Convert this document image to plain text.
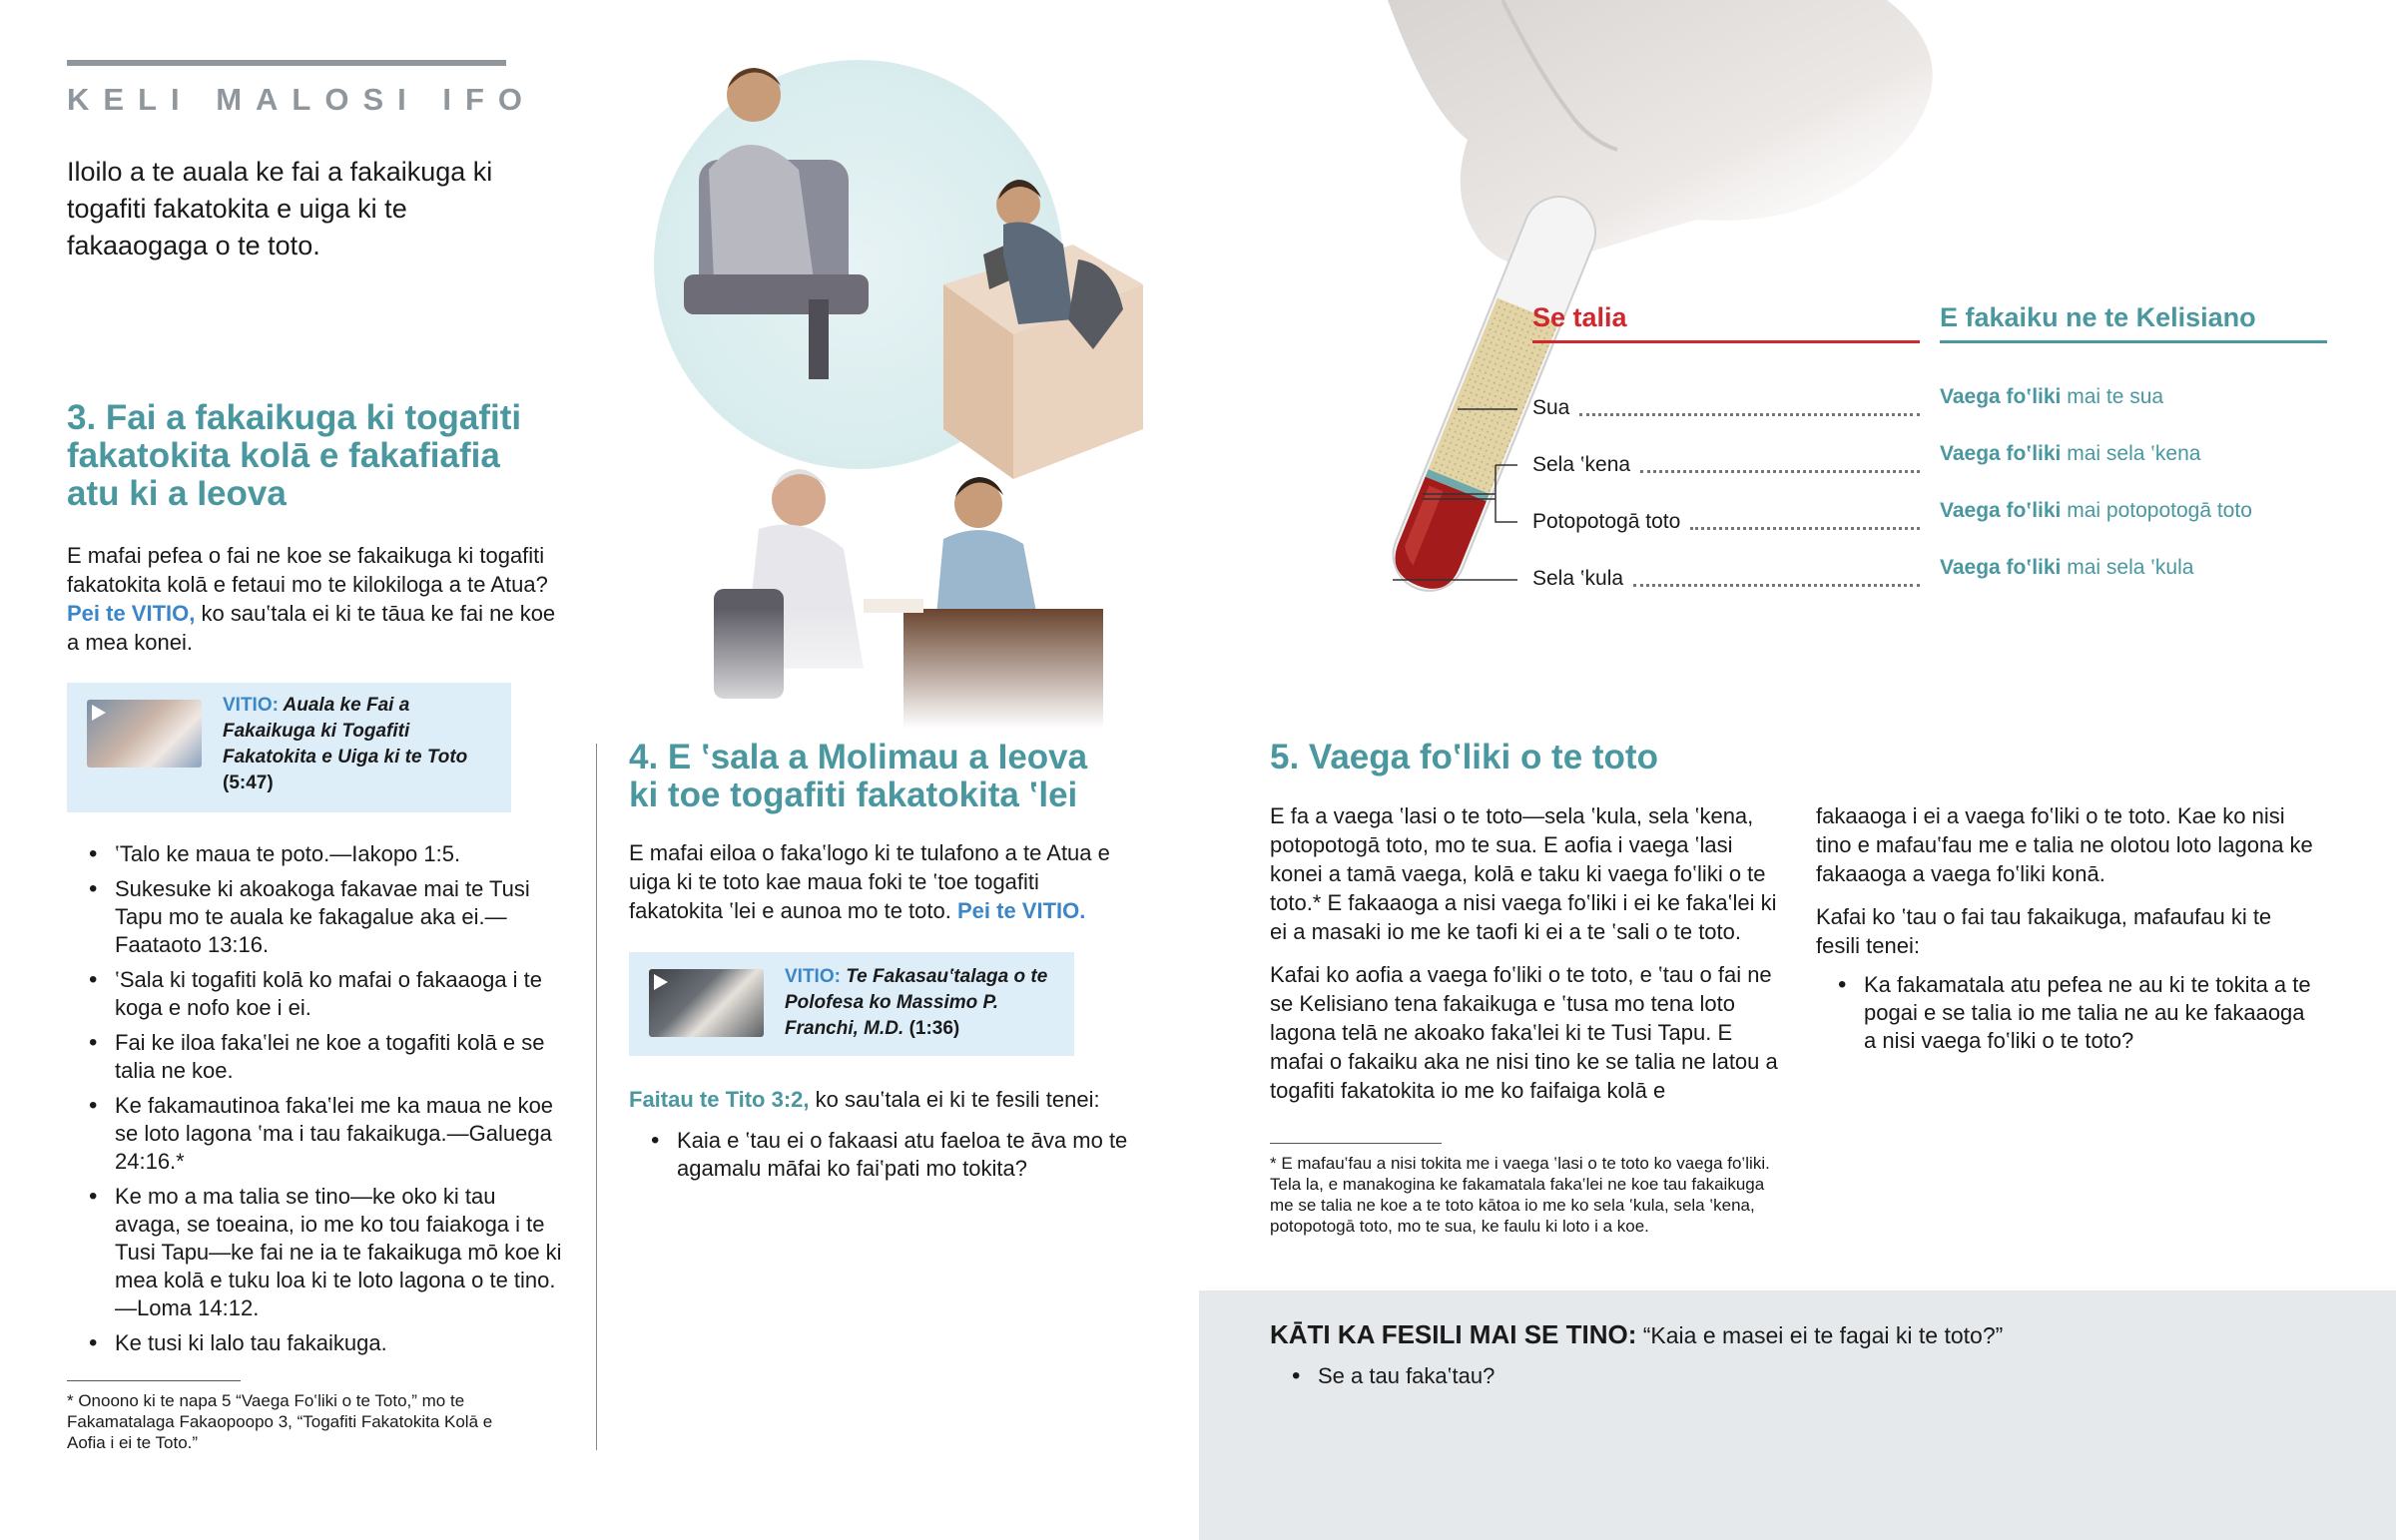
KELI MALOSI IFO
Iloilo a te auala ke fai a fakaikuga ki togafiti fakatokita e uiga ki te fakaaogaga o te toto.
3. Fai a fakaikuga ki togafiti fakatokita kolā e fakafiafia atu ki a Ieova

E mafai pefea o fai ne koe se fakaikuga ki togafiti fakatokita kolā e fetaui mo te kilokiloga a te Atua? Pei te VITIO, ko sau‛tala ei ki te tāua ke fai ne koe a mea konei.

VITIO: Auala ke Fai a Fakaikuga ki Togafiti Fakatokita e Uiga ki te Toto (5:47)
• ‛Talo ke maua te poto.—Iakopo 1:5.
• Sukesuke ki akoakoga fakavae mai te Tusi Tapu mo te auala ke fakagalue aka ei.—Faataoto 13:16.
• ‛Sala ki togafiti kolā ko mafai o fakaaoga i te koga e nofo koe i ei.
• Fai ke iloa faka‛lei ne koe a togafiti kolā e se talia ne koe.
• Ke fakamautinoa faka‛lei me ka maua ne koe se loto lagona ‛ma i tau fakaikuga.—Galuega 24:16.*
• Ke mo a ma talia se tino—ke oko ki tau avaga, se toeaina, io me ko tou faiakoga i te Tusi Tapu—ke fai ne ia te fakaikuga mō koe ki mea kolā e tuku loa ki te loto lagona o te tino.—Loma 14:12.
• Ke tusi ki lalo tau fakaikuga.
* Onoono ki te napa 5 “Vaega Fo‛liki o te Toto,” mo te Fakamatalaga Fakaopoopo 3, “Togafiti Fakatokita Kolā e Aofia i ei te Toto.”
4. E ‛sala a Molimau a Ieova ki toe togafiti fakatokita ‛lei

E mafai eiloa o faka‛logo ki te tulafono a te Atua e uiga ki te toto kae maua foki te ‛toe togafiti fakatokita ‛lei e aunoa mo te toto. Pei te VITIO.

VITIO: Te Fakasau‛talaga o te Polofesa ko Massimo P. Franchi, M.D. (1:36)

Faitau te Tito 3:2, ko sau‛tala ei ki te fesili tenei:

• Kaia e ‛tau ei o fakaasi atu faeloa te āva mo te agamalu māfai ko fai‛pati mo tokita?
Se talia	E fakaiku ne te Kelisiano
Sua	Vaega fo‛liki mai te sua
Sela ‛kena	Vaega fo‛liki mai sela ‛kena
Potopotogā toto	Vaega fo‛liki mai potopotogā toto
Sela ‛kula	Vaega fo‛liki mai sela ‛kula
5. Vaega fo‛liki o te toto

E fa a vaega ‛lasi o te toto—sela ‛kula, sela ‛kena, potopotogā toto, mo te sua. E aofia i vaega ‛lasi konei a tamā vaega, kolā e taku ki vaega fo‛liki o te toto.* E fakaaoga a nisi vaega fo‛liki i ei ke faka‛lei ki ei a masaki io me ke taofi ki ei a te ‛sali o te toto.

Kafai ko aofia a vaega fo‛liki o te toto, e ‛tau o fai ne se Kelisiano tena fakaikuga e ‛tusa mo tena loto lagona telā ne akoako faka‛lei ki te Tusi Tapu. E mafai o fakaiku aka ne nisi tino ke se talia ne latou a togafiti fakatokita io me ko faifaiga kolā e

* E mafau‛fau a nisi tokita me i vaega ‛lasi o te toto ko vaega fo‛liki. Tela la, e manakogina ke fakamatala faka‛lei ne koe tau fakaikuga me se talia ne koe a te toto kātoa io me ko sela ‛kula, sela ‛kena, potopotogā toto, mo te sua, ke faulu ki loto i a koe.

fakaaoga i ei a vaega fo‛liki o te toto. Kae ko nisi tino e mafau‛fau me e talia ne olotou loto lagona ke fakaaoga a vaega fo‛liki konā.

Kafai ko ‛tau o fai tau fakaikuga, mafaufau ki te fesili tenei:

• Ka fakamatala atu pefea ne au ki te tokita a te pogai e se talia io me talia ne au ke fakaaoga a nisi vaega fo‛liki o te toto?
KĀTI KA FESILI MAI SE TINO: “Kaia e masei ei te fagai ki te toto?”
• Se a tau faka‛tau?
